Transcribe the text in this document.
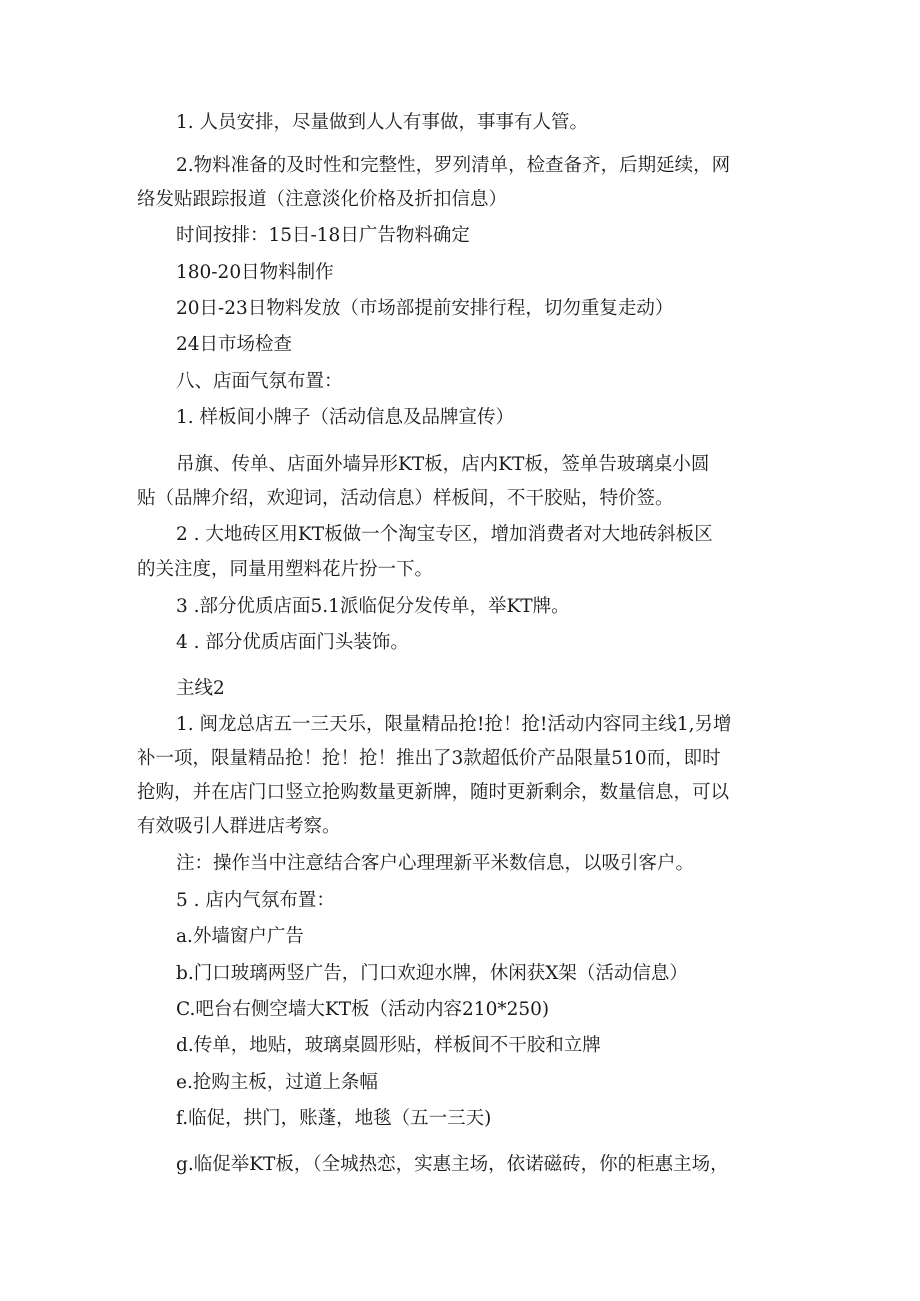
1. 人员安排，尽量做到人人有事做，事事有人管。
2.物料准备的及时性和完整性，罗列清单，检查备齐，后期延续，网
络发贴跟踪报道（注意淡化价格及折扣信息）
时间按排：15日-18日广告物料确定
180-20日物料制作
20日-23日物料发放（市场部提前安排行程，切勿重复走动）
24日市场检查
八、店面气氛布置：
1. 样板间小牌子（活动信息及品牌宣传）
吊旗、传单、店面外墙异形KT板，店内KT板，签单告玻璃桌小圆
贴（品牌介绍，欢迎词，活动信息）样板间，不干胶贴，特价签。
2 . 大地砖区用KT板做一个淘宝专区，增加消费者对大地砖斜板区
的关注度，同量用塑料花片扮一下。
3 .部分优质店面5.1派临促分发传单，举KT牌。
4 . 部分优质店面门头装饰。
主线2
1. 闽龙总店五一三天乐，限量精品抢!抢！抢!活动内容同主线1,另增
补一项，限量精品抢！抢！抢！推出了3款超低价产品限量510而，即时
抢购，并在店门口竖立抢购数量更新牌，随时更新剩余，数量信息，可以
有效吸引人群进店考察。
注：操作当中注意结合客户心理理新平米数信息，以吸引客户。
5 . 店内气氛布置：
a.外墙窗户广告
b.门口玻璃两竖广告，门口欢迎水牌，休闲获X架（活动信息）
C.吧台右侧空墙大KT板（活动内容210*250)
d.传单，地贴，玻璃桌圆形贴，样板间不干胶和立牌
e.抢购主板，过道上条幅
f.临促，拱门，账蓬，地毯（五一三天)
g.临促举KT板，（全城热恋，实惠主场，依诺磁砖，你的柜惠主场，
